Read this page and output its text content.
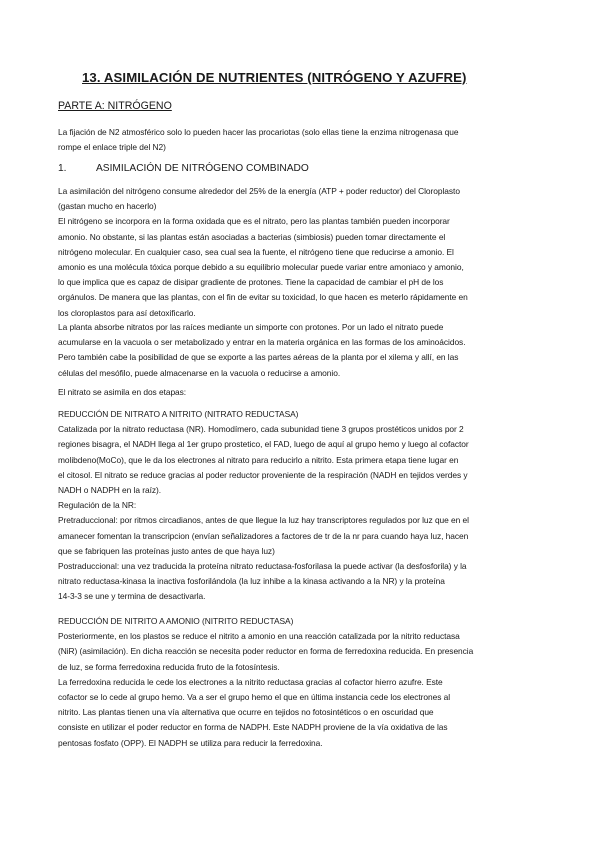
13. ASIMILACIÓN DE NUTRIENTES (NITRÓGENO Y AZUFRE)
PARTE A: NITRÓGENO

La fijación de N2 atmosférico solo lo pueden hacer las procariotas (solo ellas tiene la enzima nitrogenasa que

rompe el enlace triple del N2)

1.	ASIMILACIÓN DE NITRÓGENO COMBINADO

La asimilación del nitrógeno consume alrededor del 25% de la energía (ATP + poder reductor) del Cloroplasto

(gastan mucho en hacerlo)

El nitrógeno se incorpora en la forma oxidada que es el nitrato, pero las plantas también pueden incorporar

amonio. No obstante, si las plantas están asociadas a bacterias (simbiosis) pueden tomar directamente el

nitrógeno molecular. En cualquier caso, sea cual sea la fuente, el nitrógeno tiene que reducirse a amonio. El

amonio es una molécula tóxica porque debido a su equilibrio molecular puede variar entre amoniaco y amonio,

lo que implica que es capaz de disipar gradiente de protones. Tiene la capacidad de cambiar el pH de los

orgánulos. De manera que las plantas, con el fin de evitar su toxicidad, lo que hacen es meterlo rápidamente en

los cloroplastos para así detoxificarlo.

La planta absorbe nitratos por las raíces mediante un simporte con protones. Por un lado el nitrato puede

acumularse en la vacuola o ser metabolizado y entrar en la materia orgánica en las formas de los aminoácidos.

Pero también cabe la posibilidad de que se exporte a las partes aéreas de la planta por el xilema y allí, en las

células del mesófilo, puede almacenarse en la vacuola o reducirse a amonio.

El nitrato se asimila en dos etapas:

REDUCCIÓN DE NITRATO A NITRITO (NITRATO REDUCTASA)

Catalizada por la nitrato reductasa (NR). Homodímero, cada subunidad tiene 3 grupos prostéticos unidos por 2

regiones bisagra, el NADH llega al 1er grupo prostetico, el FAD, luego de aquí al grupo hemo y luego al cofactor

molibdeno(MoCo), que le da los electrones al nitrato para reducirlo a nitrito. Esta primera etapa tiene lugar en

el citosol. El nitrato se reduce gracias al poder reductor proveniente de la respiración (NADH en tejidos verdes y

NADH o NADPH en la raíz).

Regulación de la NR:

Pretraduccional: por ritmos circadianos, antes de que llegue la luz hay transcriptores regulados por luz que en el

amanecer fomentan la transcripcion (envían señalizadores a factores de tr de la nr para cuando haya luz, hacen

que se fabriquen las proteínas justo antes de que haya luz)

Postraduccional: una vez traducida la proteína nitrato reductasa-fosforilasa la puede activar (la desfosforila) y la

nitrato reductasa-kinasa la inactiva fosforilándola (la luz inhibe a la kinasa activando a la NR) y la proteína

14-3-3 se une y termina de desactivarla.

REDUCCIÓN DE NITRITO A AMONIO (NITRITO REDUCTASA)

Posteriormente, en los plastos se reduce el nitrito a amonio en una reacción catalizada por la nitrito reductasa

(NiR) (asimilación). En dicha reacción se necesita poder reductor en forma de ferredoxina reducida. En presencia

de luz, se forma ferredoxina reducida fruto de la fotosíntesis.

La ferredoxina reducida le cede los electrones a la nitrito reductasa gracias al cofactor hierro azufre. Este

cofactor se lo cede al grupo hemo. Va a ser el grupo hemo el que en última instancia cede los electrones al

nitrito. Las plantas tienen una vía alternativa que ocurre en tejidos no fotosintéticos o en oscuridad que

consiste en utilizar el poder reductor en forma de NADPH. Este NADPH proviene de la vía oxidativa de las

pentosas fosfato (OPP). El NADPH se utiliza para reducir la ferredoxina.
